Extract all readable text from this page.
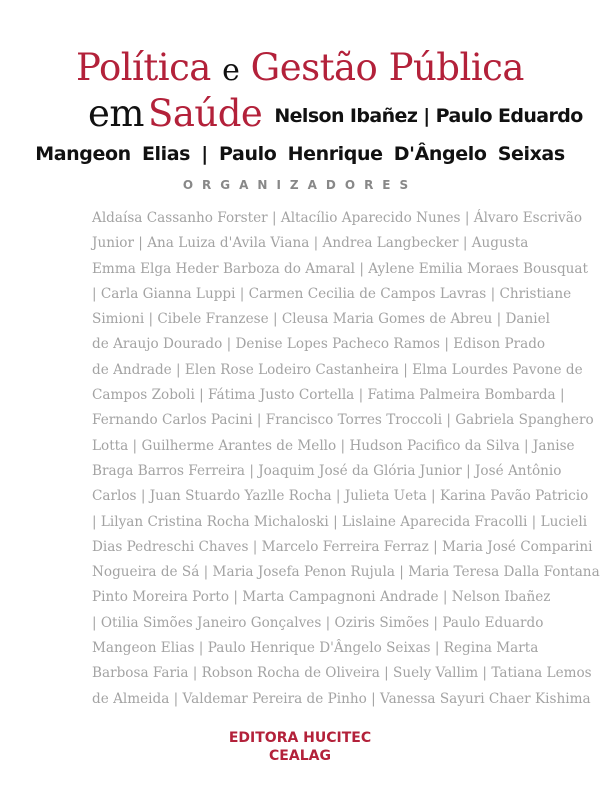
Política e Gestão Pública
em Saúde Nelson Ibañez | Paulo Eduardo
Mangeon Elias | Paulo Henrique D'Ângelo Seixas
ORGANIZADORES
Aldaísa Cassanho Forster | Altacílio Aparecido Nunes | Álvaro Escrivão
Junior | Ana Luiza d'Avila Viana | Andrea Langbecker | Augusta
Emma Elga Heder Barboza do Amaral | Aylene Emilia Moraes Bousquat
| Carla Gianna Luppi | Carmen Cecilia de Campos Lavras | Christiane
Simioni | Cibele Franzese | Cleusa Maria Gomes de Abreu | Daniel
de Araujo Dourado | Denise Lopes Pacheco Ramos | Edison Prado
de Andrade | Elen Rose Lodeiro Castanheira | Elma Lourdes Pavone de
Campos Zoboli | Fátima Justo Cortella | Fatima Palmeira Bombarda |
Fernando Carlos Pacini | Francisco Torres Troccoli | Gabriela Spanghero
Lotta | Guilherme Arantes de Mello | Hudson Pacifico da Silva | Janise
Braga Barros Ferreira | Joaquim José da Glória Junior | José Antônio
Carlos | Juan Stuardo Yazlle Rocha | Julieta Ueta | Karina Pavão Patricio
| Lilyan Cristina Rocha Michaloski | Lislaine Aparecida Fracolli | Lucieli
Dias Pedreschi Chaves | Marcelo Ferreira Ferraz | Maria José Comparini
Nogueira de Sá | Maria Josefa Penon Rujula | Maria Teresa Dalla Fontana
Pinto Moreira Porto | Marta Campagnoni Andrade | Nelson Ibañez
| Otilia Simões Janeiro Gonçalves | Oziris Simões | Paulo Eduardo
Mangeon Elias | Paulo Henrique D'Ângelo Seixas | Regina Marta
Barbosa Faria | Robson Rocha de Oliveira | Suely Vallim | Tatiana Lemos
de Almeida | Valdemar Pereira de Pinho | Vanessa Sayuri Chaer Kishima
EDITORA HUCITEC
CEALAG
